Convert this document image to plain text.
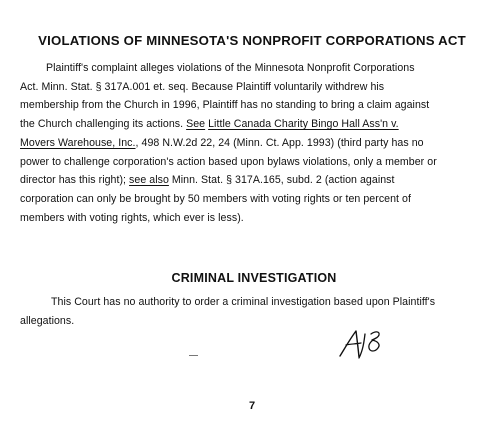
VIOLATIONS OF MINNESOTA'S NONPROFIT CORPORATIONS ACT
Plaintiff's complaint alleges violations of the Minnesota Nonprofit Corporations
Act. Minn. Stat. § 317A.001 et. seq. Because Plaintiff voluntarily withdrew his
membership from the Church in 1996, Plaintiff has no standing to bring a claim against
the Church challenging its actions. See Little Canada Charity Bingo Hall Ass'n v.
Movers Warehouse, Inc., 498 N.W.2d 22, 24 (Minn. Ct. App. 1993) (third party has no
power to challenge corporation's action based upon bylaws violations, only a member or
director has this right); see also Minn. Stat. § 317A.165, subd. 2 (action against
corporation can only be brought by 50 members with voting rights or ten percent of
members with voting rights, which ever is less).
CRIMINAL INVESTIGATION
This Court has no authority to order a criminal investigation based upon Plaintiff's
allegations.
7
